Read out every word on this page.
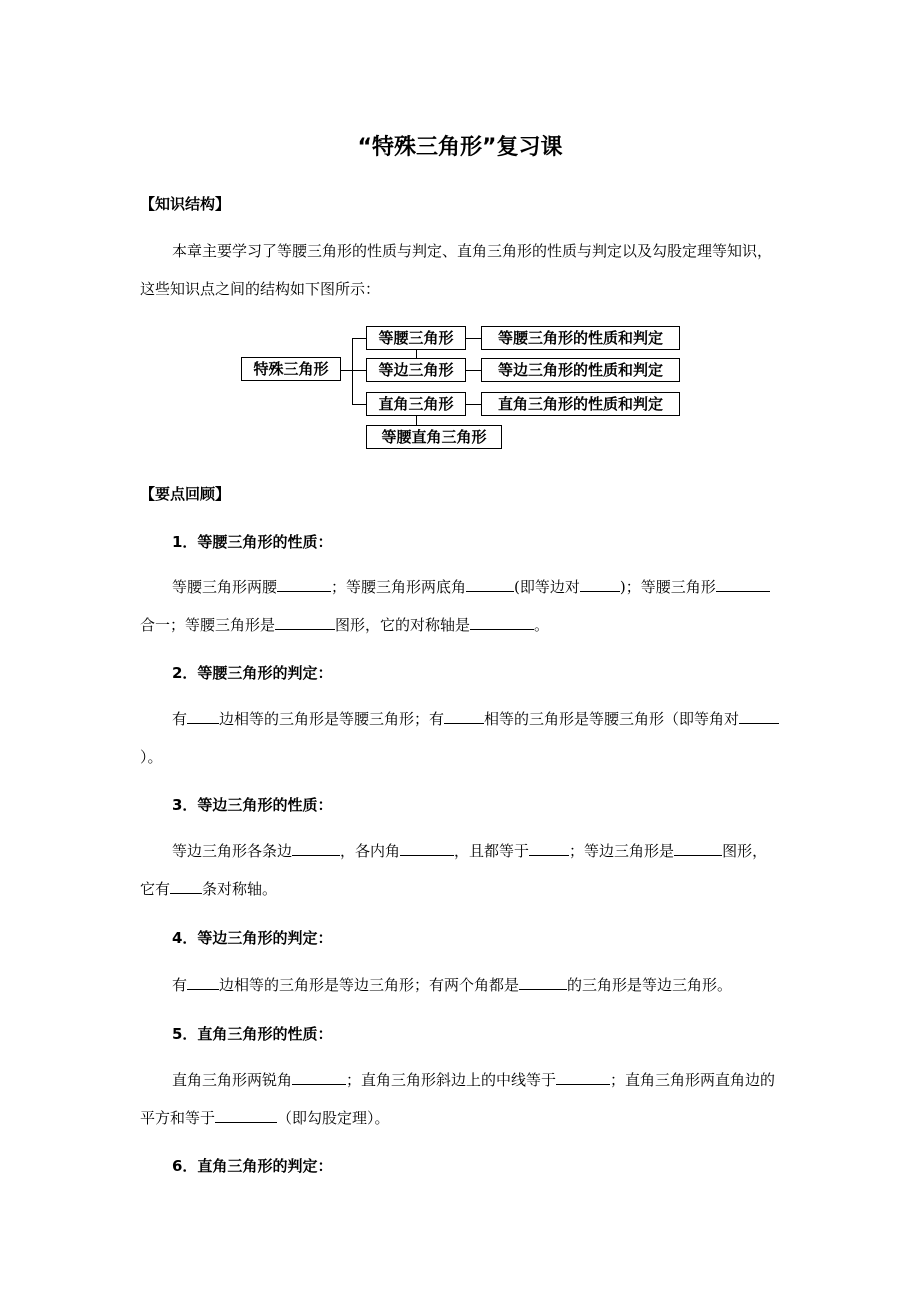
“特殊三角形”复习课
【知识结构】

本章主要学习了等腰三角形的性质与判定、直角三角形的性质与判定以及勾股定理等知识，这些知识点之间的结构如下图所示：

特殊三角形
等腰三角形
等边三角形
直角三角形
等腰直角三角形
等腰三角形的性质和判定
等边三角形的性质和判定
直角三角形的性质和判定
【要点回顾】
1．等腰三角形的性质：

等腰三角形两腰	；等腰三角形两底角	(即等边对	)；等腰三角形合一；等腰三角形是	图形，它的对称轴是	。

2．等腰三角形的判定：

有 边相等的三角形是等腰三角形；有	相等的三角形是等腰三角形（即等角对）。

3．等边三角形的性质：

等边三角形各条边	，各内角	，且都等于	；等边三角形是	图形，它有 条对称轴。

4．等边三角形的判定：

有 边相等的三角形是等边三角形；有两个角都是	的三角形是等边三角形。

5．直角三角形的性质：

直角三角形两锐角	；直角三角形斜边上的中线等于	；直角三角形两直角边的平方和等于	（即勾股定理）。

6．直角三角形的判定：
